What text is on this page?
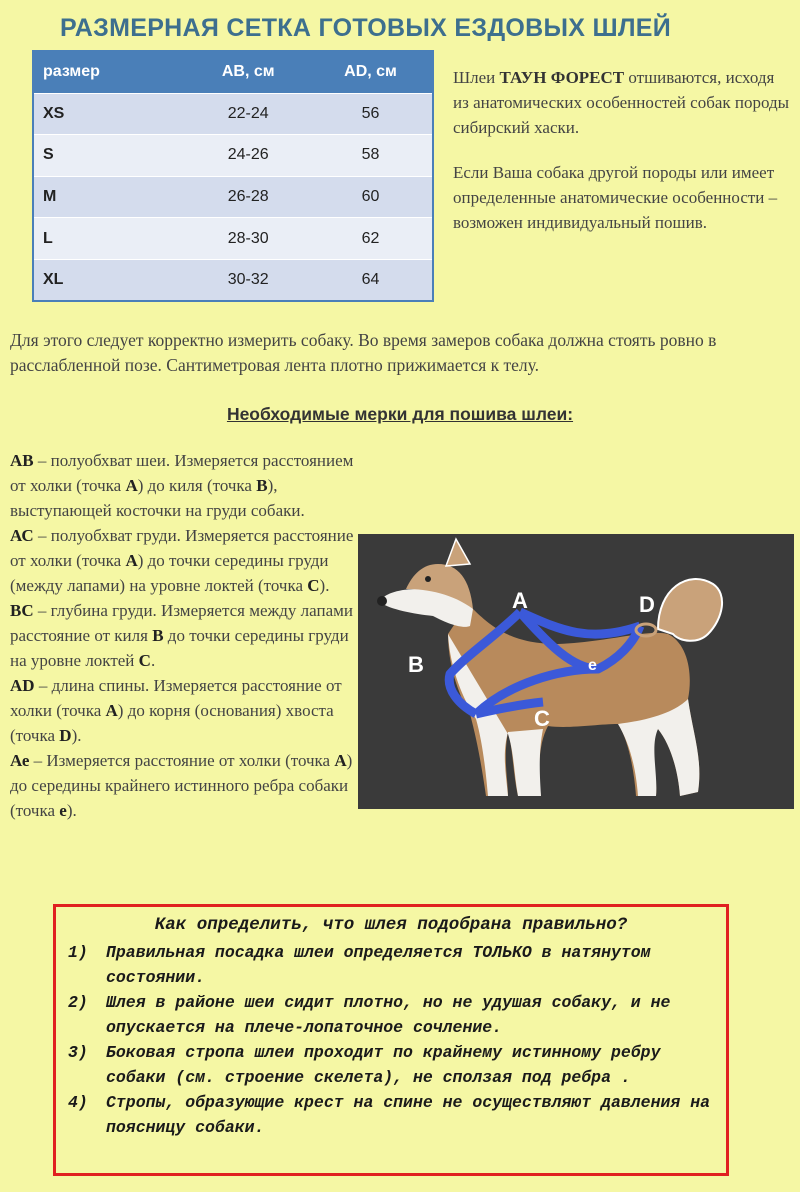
РАЗМЕРНАЯ СЕТКА ГОТОВЫХ ЕЗДОВЫХ ШЛЕЙ
размер	AB, см	AD, см
XS	22-24	56
S	24-26	58
M	26-28	60
L	28-30	62
XL	30-32	64

Шлеи ТАУН ФОРЕСТ отшиваются, исходя из анатомических особенностей собак породы сибирский хаски.

Если Ваша собака другой породы или имеет определенные анатомические особенности – возможен индивидуальный пошив.

Для этого следует корректно измерить собаку. Во время замеров собака должна стоять ровно в расслабленной позе. Сантиметровая лента плотно прижимается к телу.
Необходимые мерки для пошива шлеи:
АВ – полуобхват шеи. Измеряется расстоянием от холки (точка А) до киля (точка В), выступающей косточки на груди собаки.
АС – полуобхват груди. Измеряется расстояние от холки (точка А) до точки середины груди (между лапами) на уровне локтей (точка С).
ВС – глубина груди. Измеряется между лапами расстояние от киля В до точки середины груди на уровне локтей С.
АD – длина спины. Измеряется расстояние от холки (точка А) до корня (основания) хвоста (точка D).
Ае – Измеряется расстояние от холки (точка А) до середины крайнего истинного ребра собаки (точка е).
A
B
C
D
e
Как определить, что шлея подобрана правильно?
1)	Правильная посадка шлеи определяется ТОЛЬКО в натянутом состоянии.
2)	Шлея в районе шеи сидит плотно, но не удушая собаку, и не опускается на плече-лопаточное сочление.
3)	Боковая стропа шлеи проходит по крайнему истинному ребру собаки (см. строение скелета), не сползая под ребра .
4)	Стропы, образующие крест на спине не осуществляют давления на поясницу собаки.
